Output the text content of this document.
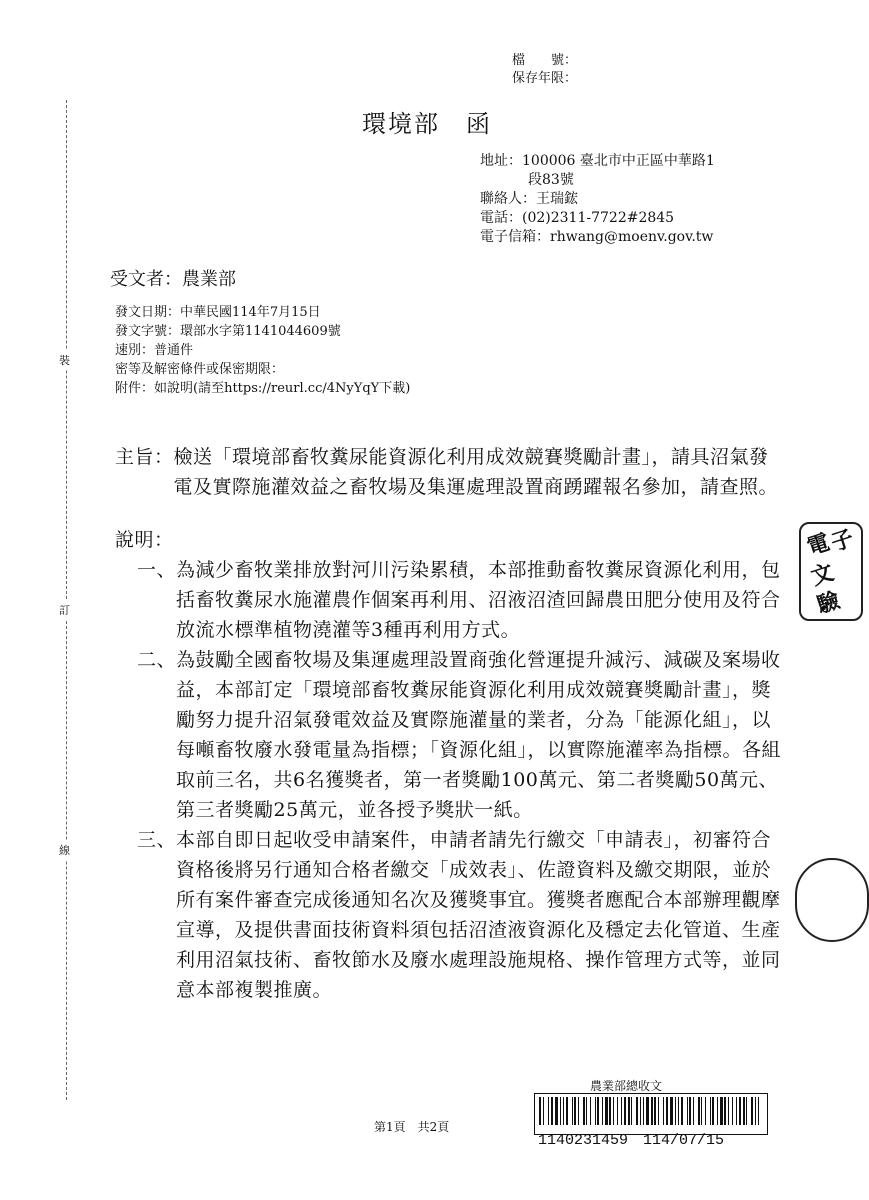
裝
訂
線
檔　　號：
保存年限：
環境部　函
地址：100006 臺北市中正區中華路1
段83號
聯絡人：王瑞鋐
電話：(02)2311-7722#2845
電子信箱：rhwang@moenv.gov.tw
受文者：農業部
發文日期：中華民國114年7月15日
發文字號：環部水字第1141044609號
速別：普通件
密等及解密條件或保密期限：
附件：如說明(請至https://reurl.cc/4NyYqY下載)
主旨： 檢送「環境部畜牧糞尿能資源化利用成效競賽獎勵計畫」，請具沼氣發電及實際施灌效益之畜牧場及集運處理設置商踴躍報名參加，請查照。
說明：
一、 為減少畜牧業排放對河川污染累積，本部推動畜牧糞尿資源化利用，包括畜牧糞尿水施灌農作個案再利用、沼液沼渣回歸農田肥分使用及符合放流水標準植物澆灌等3種再利用方式。
二、 為鼓勵全國畜牧場及集運處理設置商強化營運提升減污、減碳及案場收益，本部訂定「環境部畜牧糞尿能資源化利用成效競賽獎勵計畫」，獎勵努力提升沼氣發電效益及實際施灌量的業者，分為「能源化組」，以每噸畜牧廢水發電量為指標；「資源化組」，以實際施灌率為指標。各組取前三名，共6名獲獎者，第一者獎勵100萬元、第二者獎勵50萬元、第三者獎勵25萬元，並各授予獎狀一紙。
三、 本部自即日起收受申請案件，申請者請先行繳交「申請表」，初審符合資格後將另行通知合格者繳交「成效表」、佐證資料及繳交期限，並於所有案件審查完成後通知名次及獲獎事宜。獲獎者應配合本部辦理觀摩宣導，及提供書面技術資料須包括沼渣液資源化及穩定去化管道、生產利用沼氣技術、畜牧節水及廢水處理設施規格、操作管理方式等，並同意本部複製推廣。
電
子
文
驗
農業部總收文
1140231459　114/07/15
第1頁　共2頁
